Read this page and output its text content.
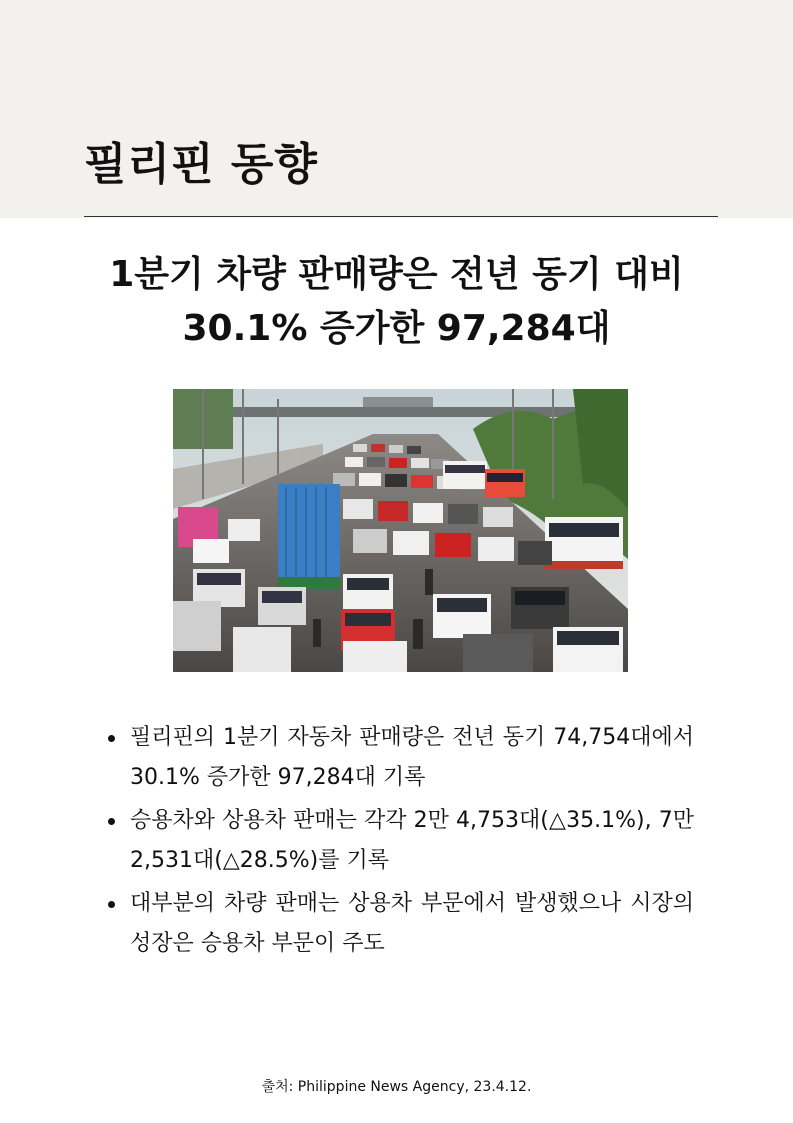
필리핀 동향
1분기 차량 판매량은 전년 동기 대비
30.1% 증가한 97,284대
필리핀의 1분기 자동차 판매량은 전년 동기 74,754대에서 30.1% 증가한 97,284대 기록
승용차와 상용차 판매는 각각 2만 4,753대(△35.1%), 7만 2,531대(△28.5%)를 기록
대부분의 차량 판매는 상용차 부문에서 발생했으나 시장의 성장은 승용차 부문이 주도
출처: Philippine News Agency, 23.4.12.
